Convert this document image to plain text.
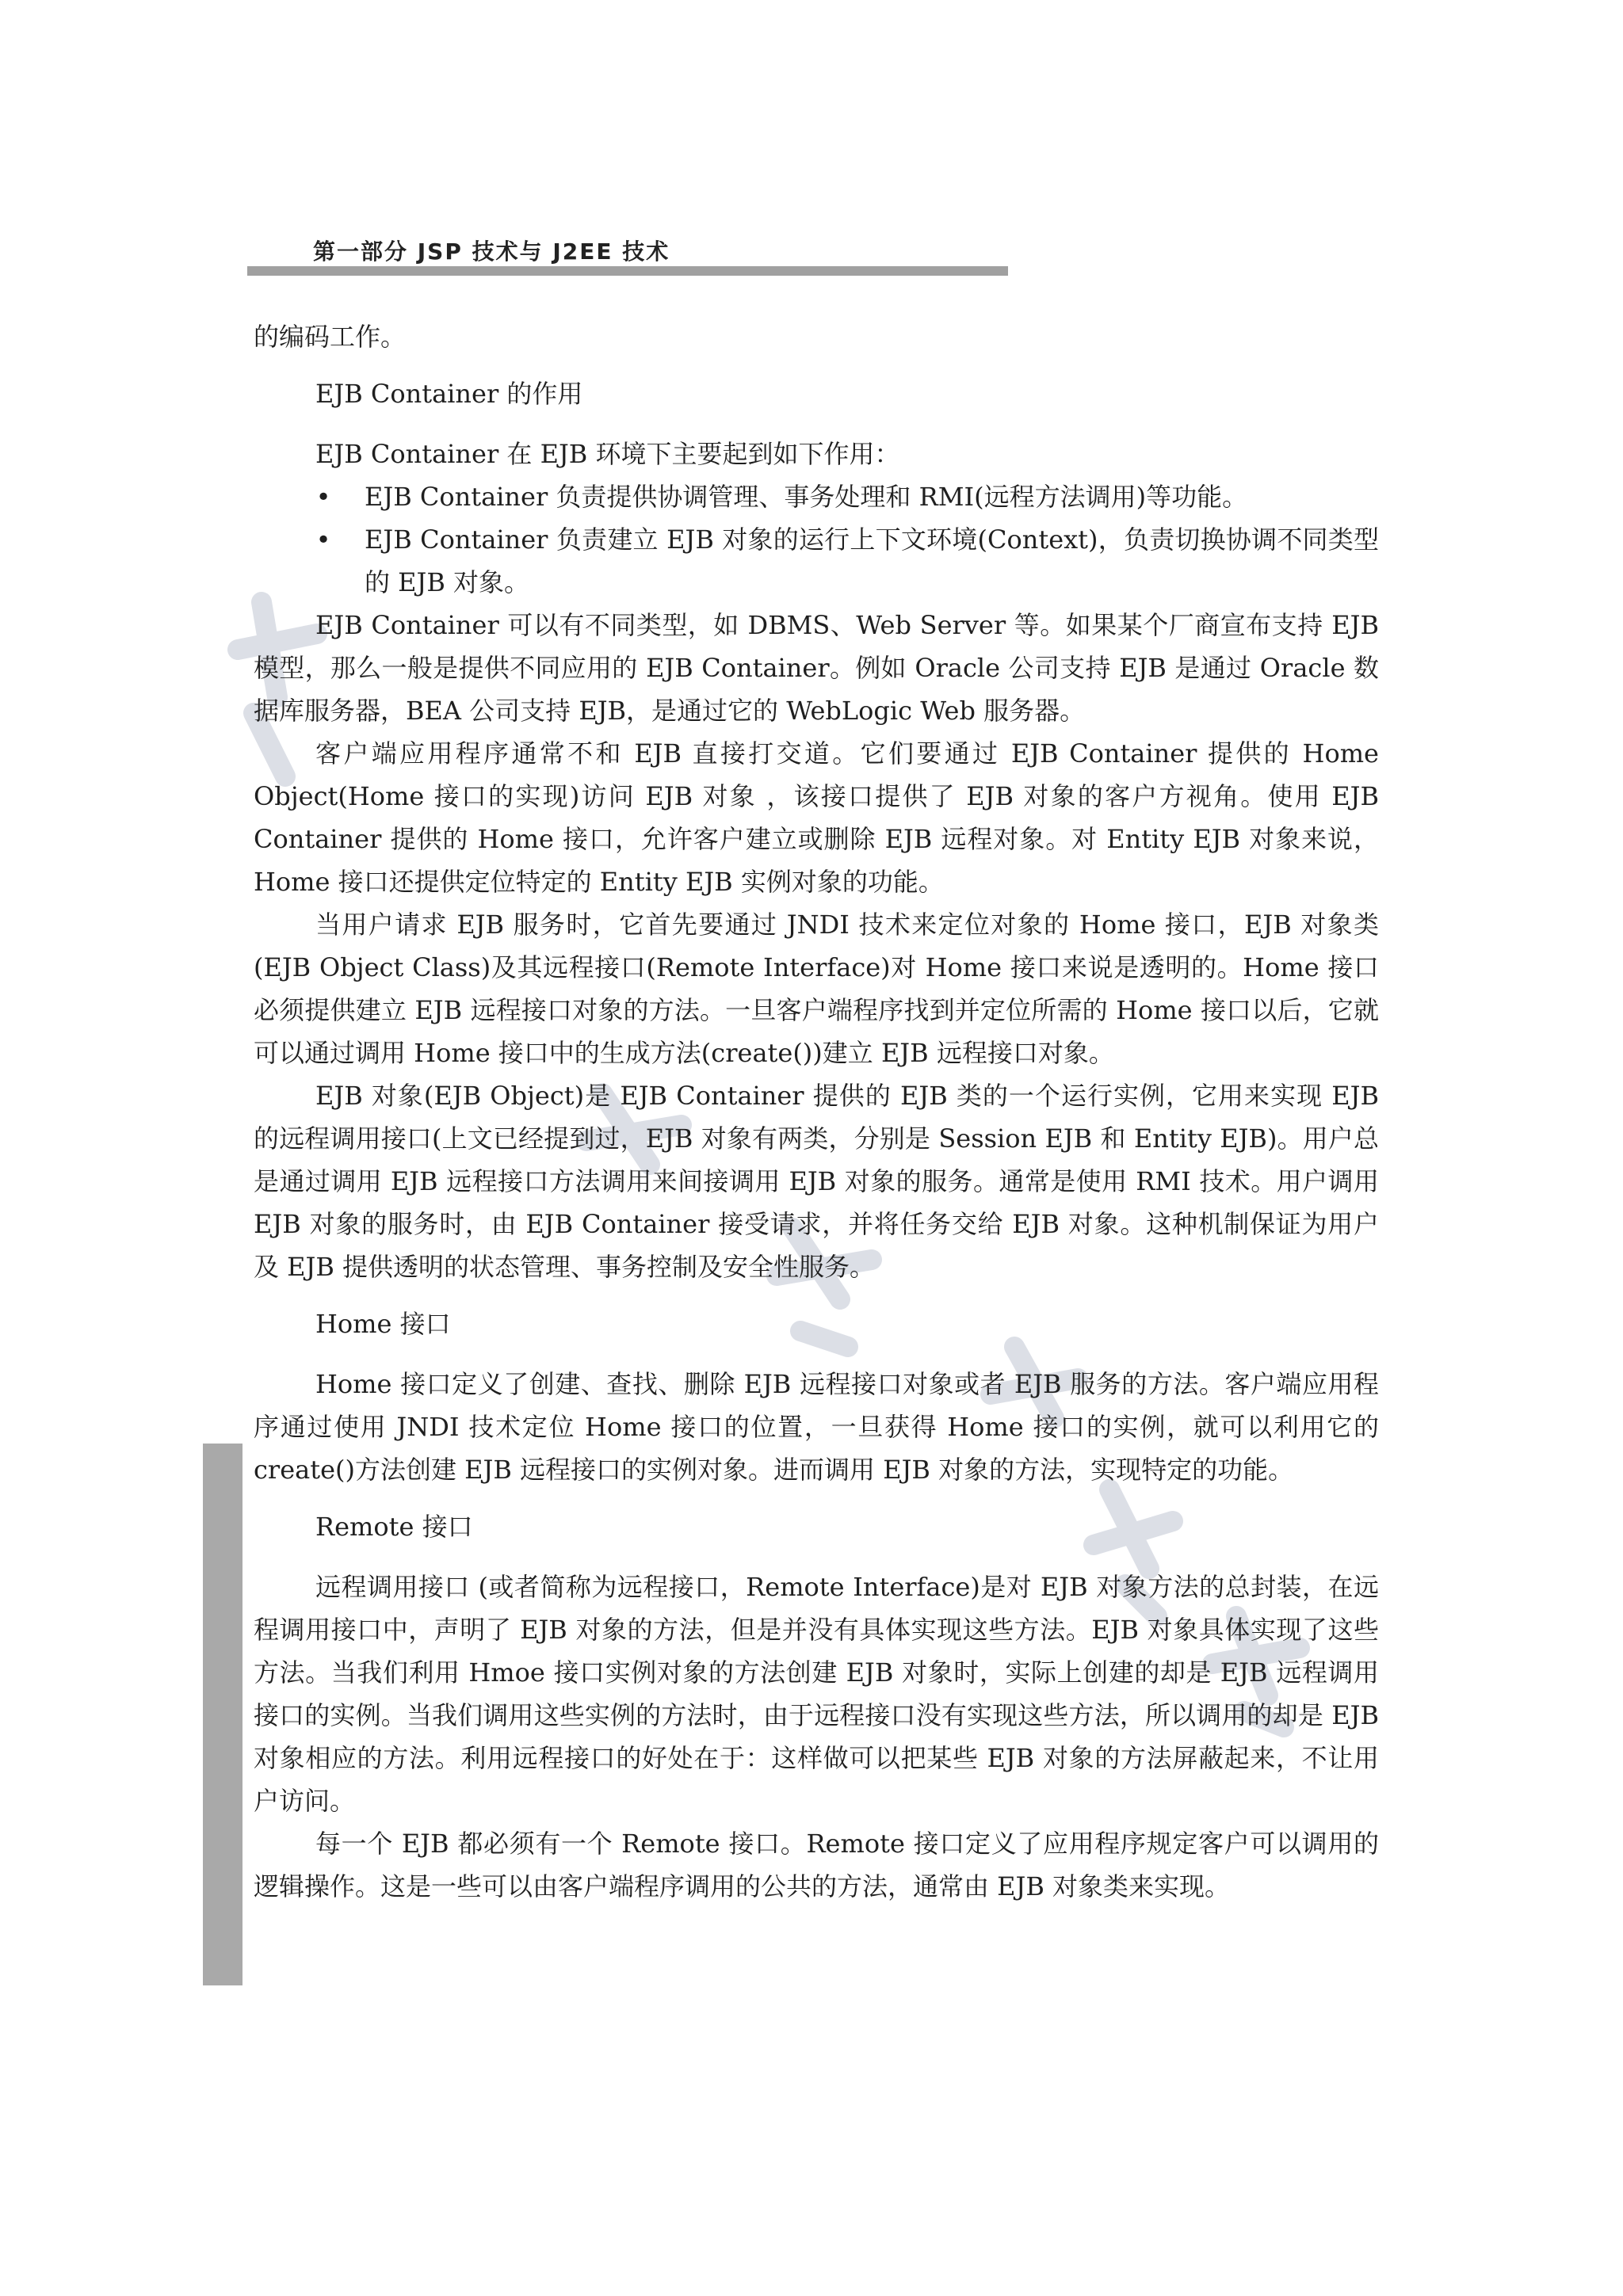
第一部分 JSP 技术与 J2EE 技术

的编码工作。

EJB Container 的作用

EJB Container 在 EJB 环境下主要起到如下作用：

• EJB Container 负责提供协调管理、事务处理和 RMI(远程方法调用)等功能。
• EJB Container 负责建立 EJB 对象的运行上下文环境(Context)，负责切换协调不同类型的 EJB 对象。

EJB Container 可以有不同类型，如 DBMS、Web Server 等。如果某个厂商宣布支持 EJB 模型，那么一般是提供不同应用的 EJB Container。例如 Oracle 公司支持 EJB 是通过 Oracle 数据库服务器，BEA 公司支持 EJB，是通过它的 WebLogic Web 服务器。

客户端应用程序通常不和 EJB 直接打交道。它们要通过 EJB Container 提供的 Home Object(Home 接口的实现)访问 EJB 对象 ，该接口提供了 EJB 对象的客户方视角。使用 EJB Container 提供的 Home 接口，允许客户建立或删除 EJB 远程对象。对 Entity EJB 对象来说，Home 接口还提供定位特定的 Entity EJB 实例对象的功能。

当用户请求 EJB 服务时，它首先要通过 JNDI 技术来定位对象的 Home 接口，EJB 对象类(EJB Object Class)及其远程接口(Remote Interface)对 Home 接口来说是透明的。Home 接口必须提供建立 EJB 远程接口对象的方法。一旦客户端程序找到并定位所需的 Home 接口以后，它就可以通过调用 Home 接口中的生成方法(create())建立 EJB 远程接口对象。

EJB 对象(EJB Object)是 EJB Container 提供的 EJB 类的一个运行实例，它用来实现 EJB 的远程调用接口(上文已经提到过，EJB 对象有两类，分别是 Session EJB 和 Entity EJB)。用户总是通过调用 EJB 远程接口方法调用来间接调用 EJB 对象的服务。通常是使用 RMI 技术。用户调用 EJB 对象的服务时，由 EJB Container 接受请求，并将任务交给 EJB 对象。这种机制保证为用户及 EJB 提供透明的状态管理、事务控制及安全性服务。

Home 接口

Home 接口定义了创建、查找、删除 EJB 远程接口对象或者 EJB 服务的方法。客户端应用程序通过使用 JNDI 技术定位 Home 接口的位置，一旦获得 Home 接口的实例，就可以利用它的 create()方法创建 EJB 远程接口的实例对象。进而调用 EJB 对象的方法，实现特定的功能。

Remote 接口

远程调用接口 (或者简称为远程接口，Remote Interface)是对 EJB 对象方法的总封装，在远程调用接口中，声明了 EJB 对象的方法，但是并没有具体实现这些方法。EJB 对象具体实现了这些方法。当我们利用 Hmoe 接口实例对象的方法创建 EJB 对象时，实际上创建的却是 EJB 远程调用接口的实例。当我们调用这些实例的方法时，由于远程接口没有实现这些方法，所以调用的却是 EJB 对象相应的方法。利用远程接口的好处在于：这样做可以把某些 EJB 对象的方法屏蔽起来，不让用户访问。

每一个 EJB 都必须有一个 Remote 接口。Remote 接口定义了应用程序规定客户可以调用的逻辑操作。这是一些可以由客户端程序调用的公共的方法，通常由 EJB 对象类来实现。
